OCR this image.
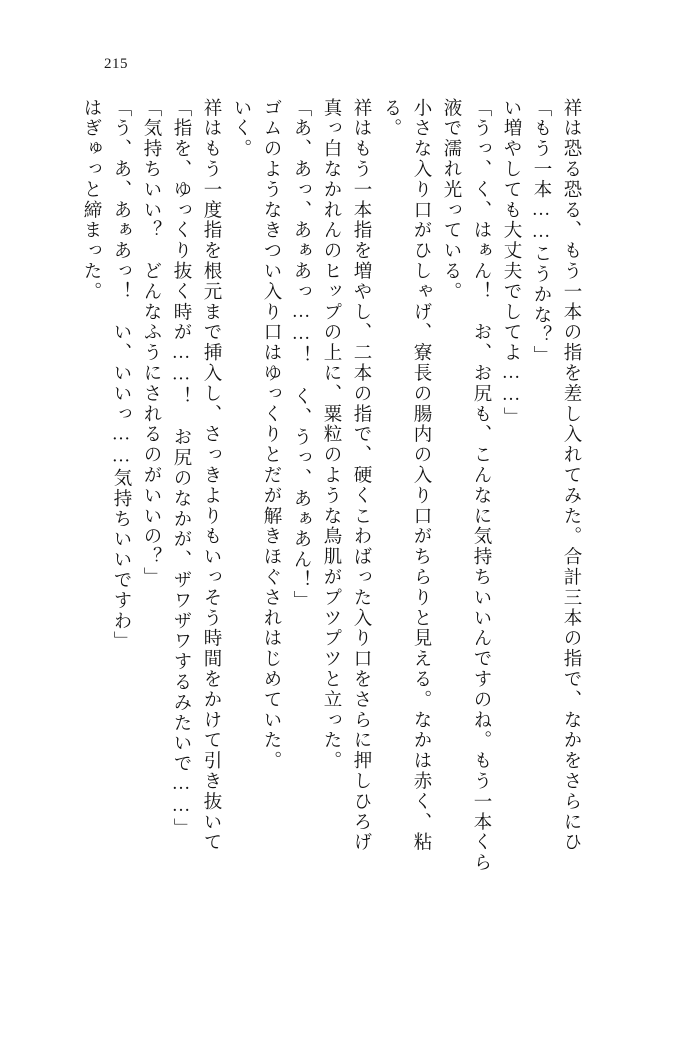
215
はぎゅっと締まった。 「う、あ、あぁあっ！　い、いいっ……気持ちいいですわ」 「気持ちいい？　どんなふうにされるのがいいの？」 「指を、ゆっくり抜く時が……！　お尻のなかが、ザワザワするみたいで……」 祥はもう一度指を根元まで挿入し、さっきよりもいっそう時間をかけて引き抜いて いく。 ゴムのようなきつい入り口はゆっくりとだが解きほぐされはじめていた。 「あ、あっ、あぁあっ……！　く、うっ、あぁあん！」 真っ白なかれんのヒップの上に、粟粒のような鳥肌がプツプツと立った。 祥はもう一本指を増やし、二本の指で、硬くこわばった入り口をさらに押しひろげ る。 小さな入り口がひしゃげ、寮長の腸内の入り口がちらりと見える。なかは赤く、粘 液で濡れ光っている。 「うっ、く、はぁん！　お、お尻も、こんなに気持ちいいんですのね。もう一本くら い増やしても大丈夫でしてよ……」 「もう一本……こうかな？」 祥は恐る恐る、もう一本の指を差し入れてみた。合計三本の指で、なかをさらにひ
